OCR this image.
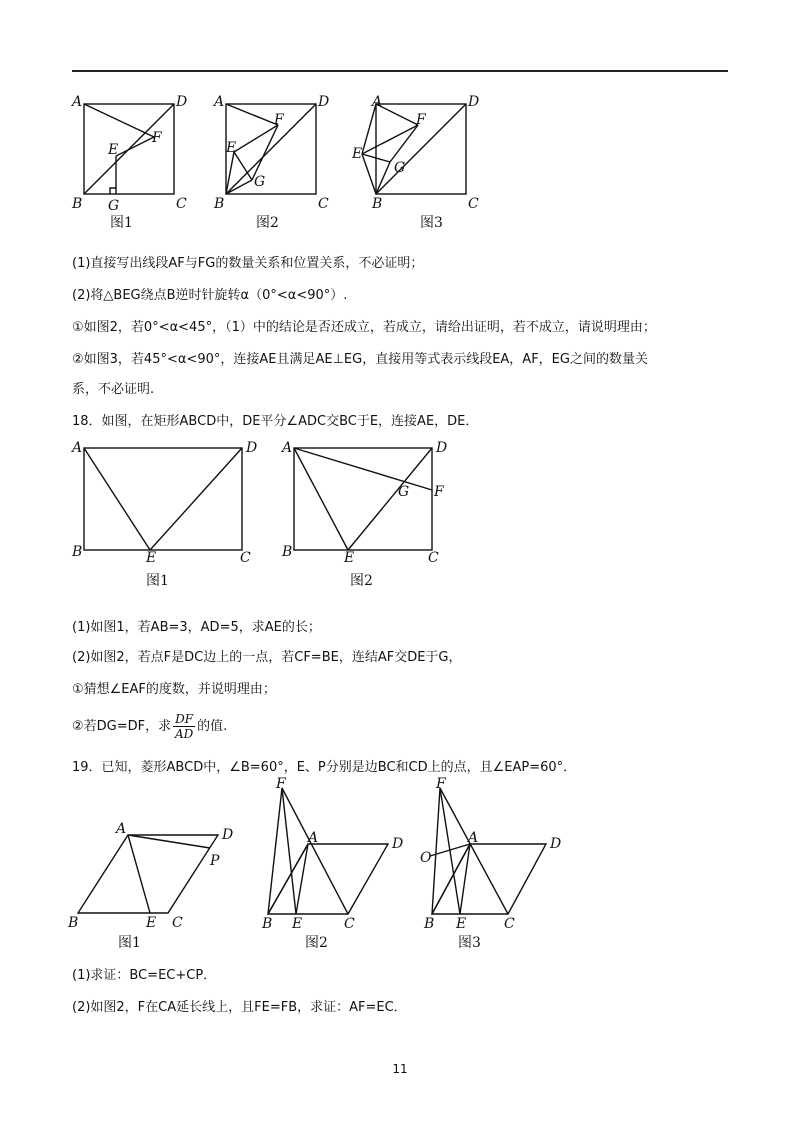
A	D
B	C
G
E
F
图1
A	D
B	C
E
G
F
图2
A	D
B	C
E
G
F
图3
(1)直接写出线段AF与FG的数量关系和位置关系，不必证明；
(2)将△BEG绕点B逆时针旋转α（0°<α<90°）.
①如图2，若0°<α<45°，（1）中的结论是否还成立，若成立，请给出证明，若不成立，请说明理由；
②如图3，若45°<α<90°，连接AE且满足AE⊥EG，直接用等式表示线段EA，AF，EG之间的数量关
系，不必证明.
18．如图，在矩形ABCD中，DE平分∠ADC交BC于E，连接AE，DE．
A	D
B	E	C
图1
A	D
B	E	C
G F
图2
(1)如图1，若AB=3，AD=5，求AE的长；
(2)如图2，若点F是DC边上的一点，若CF=BE，连结AF交DE于G，
①猜想∠EAF的度数，并说明理由；
②若DG=DF，求 $\frac{DF}{AD}$ 的值.
19．已知，菱形ABCD中，∠B=60°，E、P分别是边BC和CD上的点，且∠EAP=60°．
A	D
B	E C
P
图1
F
A	D
B E	C
图2
F
A	D
O
B E	C
图3
(1)求证：BC=EC+CP．
(2)如图2，F在CA延长线上，且FE=FB，求证：AF=EC．
11
